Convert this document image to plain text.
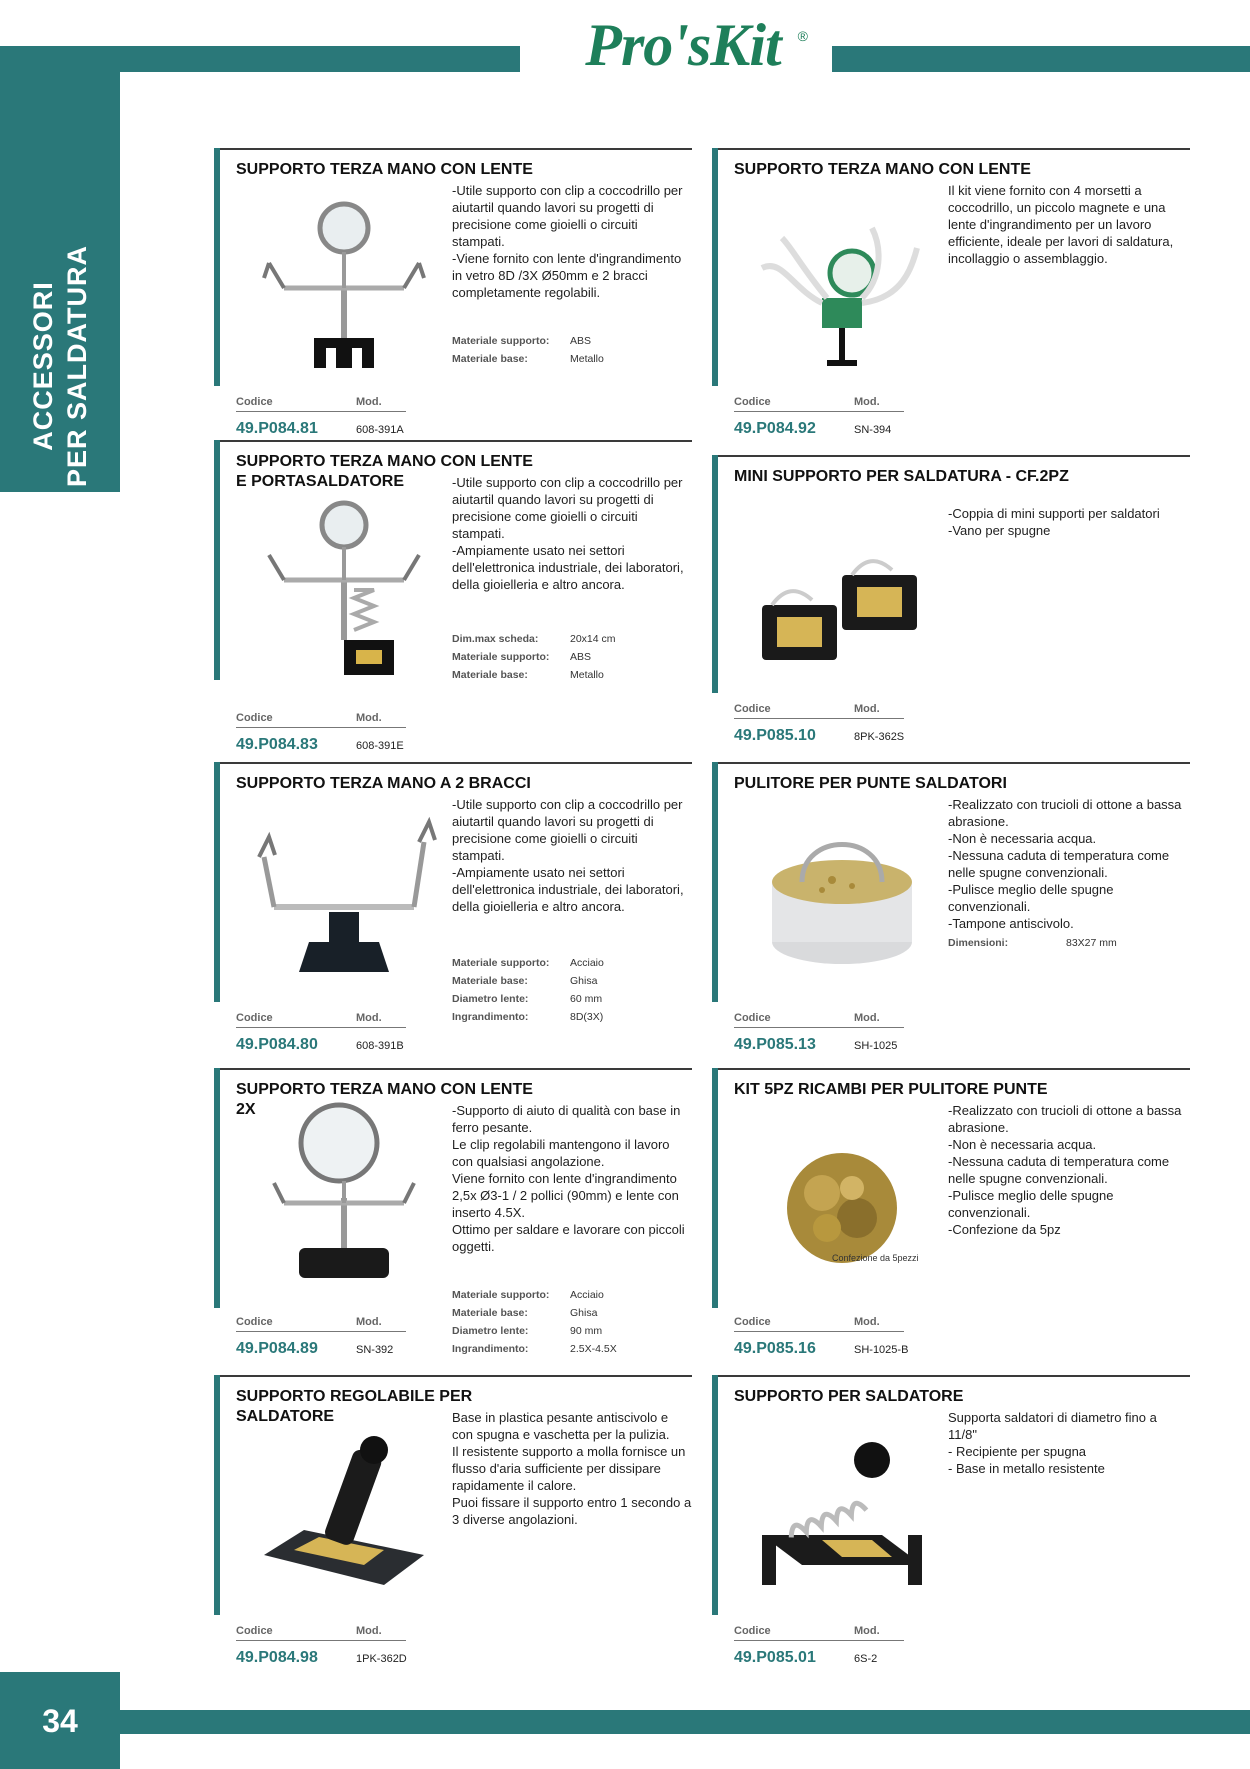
Pro'sKit ®
ACCESSORI PER SALDATURA
34
SUPPORTO TERZA MANO CON LENTE

-Utile supporto con clip a coccodrillo per aiutartil quando lavori su progetti di precisione come gioielli o circuiti stampati.

-Viene fornito con lente d'ingrandimento in vetro 8D /3X Ø50mm e 2 bracci completamente regolabili.

Materiale supporto:	ABS
Materiale base:	Metallo
Codice	Mod.
49.P084.81	608-391A
SUPPORTO TERZA MANO CON LENTE

Il kit viene fornito con 4 morsetti a coccodrillo, un piccolo magnete e una lente d'ingrandimento per un lavoro efficiente, ideale per lavori di saldatura, incollaggio o assemblaggio.

Codice	Mod.
49.P084.92	SN-394
SUPPORTO TERZA MANO CON LENTE E PORTASALDATORE	-Utile supporto con clip a coccodrillo per aiutartil quando lavori su progetti di precisione come gioielli o circuiti stampati.

-Ampiamente usato nei settori dell'elettronica industriale, dei laboratori, della gioielleria e altro ancora.

Dim.max scheda:	20x14 cm
Materiale supporto:	ABS
Materiale base:	Metallo
Codice	Mod.
49.P084.83	608-391E
MINI SUPPORTO PER SALDATURA - CF.2PZ

-Coppia di mini supporti per saldatori

-Vano per spugne

Codice	Mod.
49.P085.10	8PK-362S
SUPPORTO TERZA MANO A 2 BRACCI

-Utile supporto con clip a coccodrillo per aiutartil quando lavori su progetti di precisione come gioielli o circuiti stampati.

-Ampiamente usato nei settori dell'elettronica industriale, dei laboratori, della gioielleria e altro ancora.

Materiale supporto:	Acciaio
Materiale base:	Ghisa
Diametro lente:	60 mm
Ingrandimento:	8D(3X)
Codice	Mod.
49.P084.80	608-391B
PULITORE PER PUNTE SALDATORI

-Realizzato con trucioli di ottone a bassa abrasione.

-Non è necessaria acqua.

-Nessuna caduta di temperatura come nelle spugne convenzionali.

-Pulisce meglio delle spugne convenzionali.

-Tampone antiscivolo.

Dimensioni:	83X27 mm
Codice	Mod.
49.P085.13	SH-1025
SUPPORTO TERZA MANO CON LENTE 2X	-Supporto di aiuto di qualità con base in ferro pesante.

Le clip regolabili mantengono il lavoro con qualsiasi angolazione.

Viene fornito con lente d'ingrandimento 2,5x Ø3-1 / 2 pollici (90mm) e lente con inserto 4.5X.

Ottimo per saldare e lavorare con piccoli oggetti.

Materiale supporto:	Acciaio
Materiale base:	Ghisa
Diametro lente:	90 mm
Ingrandimento:	2.5X-4.5X
Codice	Mod.
49.P084.89	SN-392
KIT 5PZ RICAMBI PER PULITORE PUNTE

-Realizzato con trucioli di ottone a bassa abrasione.

-Non è necessaria acqua.

-Nessuna caduta di temperatura come nelle spugne convenzionali.

-Pulisce meglio delle spugne convenzionali.

-Confezione da 5pz

Confezione da 5pezzi
Codice	Mod.
49.P085.16	SH-1025-B
SUPPORTO REGOLABILE PER SALDATORE	Base in plastica pesante antiscivolo e con spugna e vaschetta per la pulizia.

Il resistente supporto a molla fornisce un flusso d'aria sufficiente per dissipare rapidamente il calore.

Puoi fissare il supporto entro 1 secondo a 3 diverse angolazioni.

Codice	Mod.
49.P084.98	1PK-362D
SUPPORTO PER SALDATORE

Supporta saldatori di diametro fino a 11/8"

- Recipiente per spugna

- Base in metallo resistente

Codice	Mod.
49.P085.01	6S-2
